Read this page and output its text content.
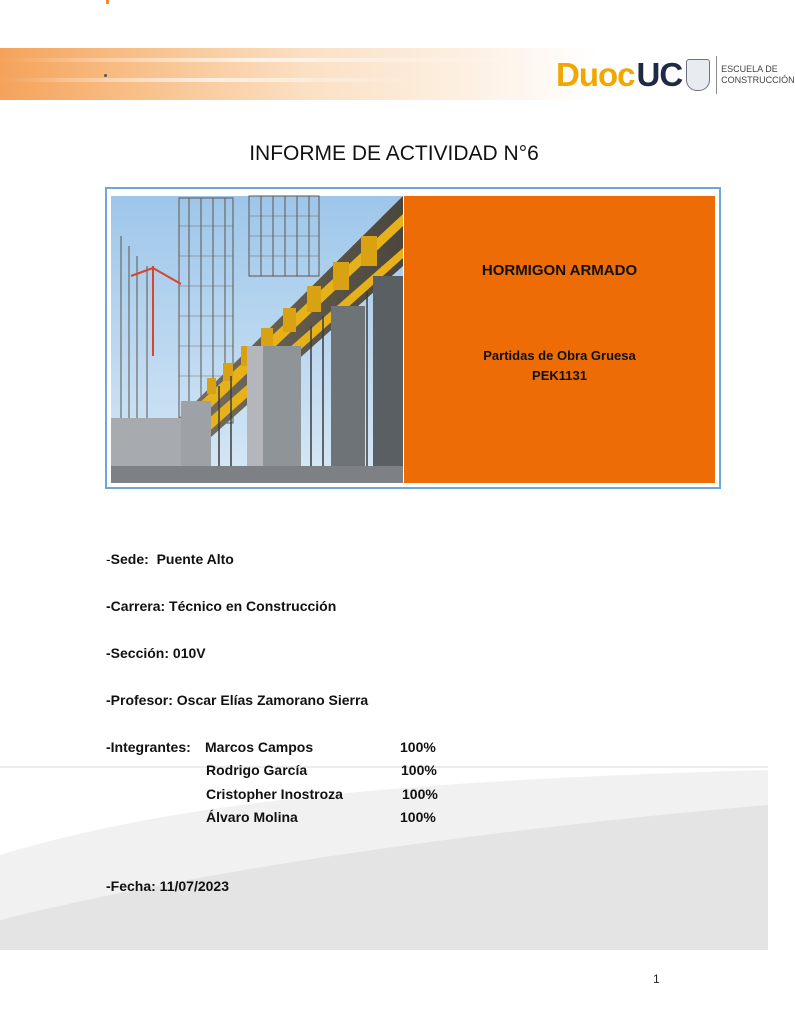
Duoc UC	ESCUELA DE
CONSTRUCCIÓN
INFORME DE ACTIVIDAD N°6
HORMIGON ARMADO
Partidas de Obra Gruesa
PEK1131
-Sede:  Puente Alto
-Carrera: Técnico en Construcción
-Sección: 010V
-Profesor: Oscar Elías Zamorano Sierra
-Integrantes: Marcos Campos	100%
Rodrigo García	100%
Cristopher Inostroza	100%
Álvaro Molina	100%
-Fecha: 11/07/2023
1
